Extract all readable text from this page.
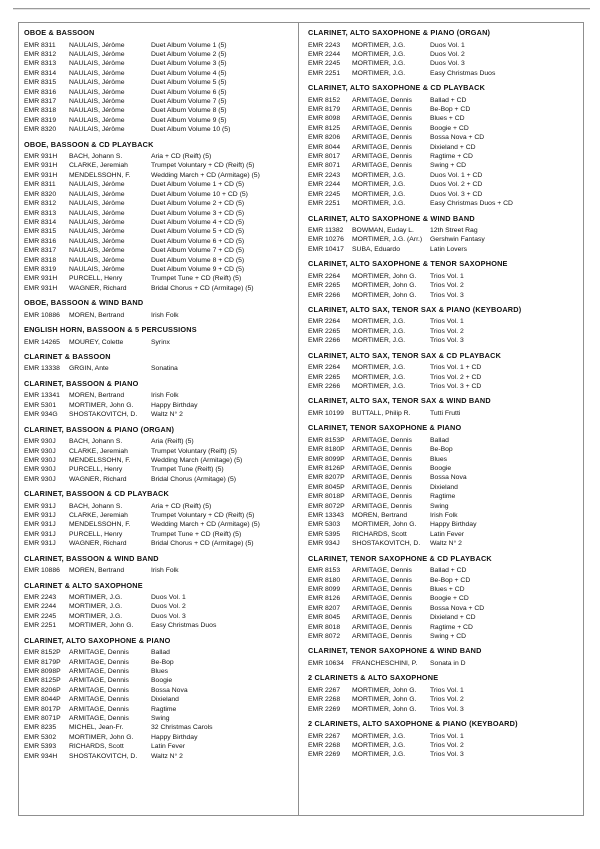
OBOE & BASSOON
EMR 8311	NAULAIS, Jérôme	Duet Album Volume 1 (5)
EMR 8312	NAULAIS, Jérôme	Duet Album Volume 2 (5)
EMR 8313	NAULAIS, Jérôme	Duet Album Volume 3 (5)
EMR 8314	NAULAIS, Jérôme	Duet Album Volume 4 (5)
EMR 8315	NAULAIS, Jérôme	Duet Album Volume 5 (5)
EMR 8316	NAULAIS, Jérôme	Duet Album Volume 6 (5)
EMR 8317	NAULAIS, Jérôme	Duet Album Volume 7 (5)
EMR 8318	NAULAIS, Jérôme	Duet Album Volume 8 (5)
EMR 8319	NAULAIS, Jérôme	Duet Album Volume 9 (5)
EMR 8320	NAULAIS, Jérôme	Duet Album Volume 10 (5)
OBOE, BASSOON & CD PLAYBACK
EMR 931H	BACH, Johann S.	Aria + CD (Reift) (5)
EMR 931H	CLARKE, Jeremiah	Trumpet Voluntary + CD (Reift) (5)
EMR 931H	MENDELSSOHN, F.	Wedding March + CD (Armitage) (5)
EMR 8311	NAULAIS, Jérôme	Duet Album Volume 1 + CD (5)
EMR 8320	NAULAIS, Jérôme	Duet Album Volume 10 + CD (5)
EMR 8312	NAULAIS, Jérôme	Duet Album Volume 2 + CD (5)
EMR 8313	NAULAIS, Jérôme	Duet Album Volume 3 + CD (5)
EMR 8314	NAULAIS, Jérôme	Duet Album Volume 4 + CD (5)
EMR 8315	NAULAIS, Jérôme	Duet Album Volume 5 + CD (5)
EMR 8316	NAULAIS, Jérôme	Duet Album Volume 6 + CD (5)
EMR 8317	NAULAIS, Jérôme	Duet Album Volume 7 + CD (5)
EMR 8318	NAULAIS, Jérôme	Duet Album Volume 8 + CD (5)
EMR 8319	NAULAIS, Jérôme	Duet Album Volume 9 + CD (5)
EMR 931H	PURCELL, Henry	Trumpet Tune + CD (Reift) (5)
EMR 931H	WAGNER, Richard	Bridal Chorus + CD (Armitage) (5)
OBOE, BASSOON & WIND BAND
EMR 10886	MOREN, Bertrand	Irish Folk
ENGLISH HORN, BASSOON & 5 PERCUSSIONS
EMR 14265	MOUREY, Colette	Syrinx
CLARINET & BASSOON
EMR 13338	GRGIN, Ante	Sonatina
CLARINET, BASSOON & PIANO
EMR 13341	MOREN, Bertrand	Irish Folk
EMR 5301	MORTIMER, John G.	Happy Birthday
EMR 934G	SHOSTAKOVITCH, D.	Waltz N° 2
CLARINET, BASSOON & PIANO (ORGAN)
EMR 930J	BACH, Johann S.	Aria (Reift) (5)
EMR 930J	CLARKE, Jeremiah	Trumpet Voluntary (Reift) (5)
EMR 930J	MENDELSSOHN, F.	Wedding March (Armitage) (5)
EMR 930J	PURCELL, Henry	Trumpet Tune (Reift) (5)
EMR 930J	WAGNER, Richard	Bridal Chorus (Armitage) (5)
CLARINET, BASSOON & CD PLAYBACK
EMR 931J	BACH, Johann S.	Aria + CD (Reift) (5)
EMR 931J	CLARKE, Jeremiah	Trumpet Voluntary + CD (Reift) (5)
EMR 931J	MENDELSSOHN, F.	Wedding March + CD (Armitage) (5)
EMR 931J	PURCELL, Henry	Trumpet Tune + CD (Reift) (5)
EMR 931J	WAGNER, Richard	Bridal Chorus + CD (Armitage) (5)
CLARINET, BASSOON & WIND BAND
EMR 10886	MOREN, Bertrand	Irish Folk
CLARINET & ALTO SAXOPHONE
EMR 2243	MORTIMER, J.G.	Duos Vol. 1
EMR 2244	MORTIMER, J.G.	Duos Vol. 2
EMR 2245	MORTIMER, J.G.	Duos Vol. 3
EMR 2251	MORTIMER, John G.	Easy Christmas Duos
CLARINET, ALTO SAXOPHONE & PIANO
EMR 8152P	ARMITAGE, Dennis	Ballad
EMR 8179P	ARMITAGE, Dennis	Be-Bop
EMR 8098P	ARMITAGE, Dennis	Blues
EMR 8125P	ARMITAGE, Dennis	Boogie
EMR 8206P	ARMITAGE, Dennis	Bossa Nova
EMR 8044P	ARMITAGE, Dennis	Dixieland
EMR 8017P	ARMITAGE, Dennis	Ragtime
EMR 8071P	ARMITAGE, Dennis	Swing
EMR 8235	MICHEL, Jean-Fr.	32 Christmas Carols
EMR 5302	MORTIMER, John G.	Happy Birthday
EMR 5393	RICHARDS, Scott	Latin Fever
EMR 934H	SHOSTAKOVITCH, D.	Waltz N° 2
CLARINET, ALTO SAXOPHONE & PIANO (ORGAN)
EMR 2243	MORTIMER, J.G.	Duos Vol. 1
EMR 2244	MORTIMER, J.G.	Duos Vol. 2
EMR 2245	MORTIMER, J.G.	Duos Vol. 3
EMR 2251	MORTIMER, J.G.	Easy Christmas Duos
CLARINET, ALTO SAXOPHONE & CD PLAYBACK
EMR 8152	ARMITAGE, Dennis	Ballad + CD
EMR 8179	ARMITAGE, Dennis	Be-Bop + CD
EMR 8098	ARMITAGE, Dennis	Blues + CD
EMR 8125	ARMITAGE, Dennis	Boogie + CD
EMR 8206	ARMITAGE, Dennis	Bossa Nova + CD
EMR 8044	ARMITAGE, Dennis	Dixieland + CD
EMR 8017	ARMITAGE, Dennis	Ragtime + CD
EMR 8071	ARMITAGE, Dennis	Swing + CD
EMR 2243	MORTIMER, J.G.	Duos Vol. 1 + CD
EMR 2244	MORTIMER, J.G.	Duos Vol. 2 + CD
EMR 2245	MORTIMER, J.G.	Duos Vol. 3 + CD
EMR 2251	MORTIMER, J.G.	Easy Christmas Duos + CD
CLARINET, ALTO SAXOPHONE & WIND BAND
EMR 11382	BOWMAN, Euday L.	12th Street Rag
EMR 10276	MORTIMER, J.G. (Arr.)	Gershwin Fantasy
EMR 10417	SUBA, Eduardo	Latin Lovers
CLARINET, ALTO SAXOPHONE & TENOR SAXOPHONE
EMR 2264	MORTIMER, John G.	Trios Vol. 1
EMR 2265	MORTIMER, John G.	Trios Vol. 2
EMR 2266	MORTIMER, John G.	Trios Vol. 3
CLARINET, ALTO SAX, TENOR SAX & PIANO (KEYBOARD)
EMR 2264	MORTIMER, J.G.	Trios Vol. 1
EMR 2265	MORTIMER, J.G.	Trios Vol. 2
EMR 2266	MORTIMER, J.G.	Trios Vol. 3
CLARINET, ALTO SAX, TENOR SAX & CD PLAYBACK
EMR 2264	MORTIMER, J.G.	Trios Vol. 1 + CD
EMR 2265	MORTIMER, J.G.	Trios Vol. 2 + CD
EMR 2266	MORTIMER, J.G.	Trios Vol. 3 + CD
CLARINET, ALTO SAX, TENOR SAX & WIND BAND
EMR 10199	BUTTALL, Philip R.	Tutti Frutti
CLARINET, TENOR SAXOPHONE & PIANO
EMR 8153P	ARMITAGE, Dennis	Ballad
EMR 8180P	ARMITAGE, Dennis	Be-Bop
EMR 8099P	ARMITAGE, Dennis	Blues
EMR 8126P	ARMITAGE, Dennis	Boogie
EMR 8207P	ARMITAGE, Dennis	Bossa Nova
EMR 8045P	ARMITAGE, Dennis	Dixieland
EMR 8018P	ARMITAGE, Dennis	Ragtime
EMR 8072P	ARMITAGE, Dennis	Swing
EMR 13343	MOREN, Bertrand	Irish Folk
EMR 5303	MORTIMER, John G.	Happy Birthday
EMR 5395	RICHARDS, Scott	Latin Fever
EMR 934J	SHOSTAKOVITCH, D.	Waltz N° 2
CLARINET, TENOR SAXOPHONE & CD PLAYBACK
EMR 8153	ARMITAGE, Dennis	Ballad + CD
EMR 8180	ARMITAGE, Dennis	Be-Bop + CD
EMR 8099	ARMITAGE, Dennis	Blues + CD
EMR 8126	ARMITAGE, Dennis	Boogie + CD
EMR 8207	ARMITAGE, Dennis	Bossa Nova + CD
EMR 8045	ARMITAGE, Dennis	Dixieland + CD
EMR 8018	ARMITAGE, Dennis	Ragtime + CD
EMR 8072	ARMITAGE, Dennis	Swing + CD
CLARINET, TENOR SAXOPHONE & WIND BAND
EMR 10634	FRANCHESCHINI, P.	Sonata in D
2 CLARINETS & ALTO SAXOPHONE
EMR 2267	MORTIMER, John G.	Trios Vol. 1
EMR 2268	MORTIMER, John G.	Trios Vol. 2
EMR 2269	MORTIMER, John G.	Trios Vol. 3
2 CLARINETS, ALTO SAXOPHONE & PIANO (KEYBOARD)
EMR 2267	MORTIMER, J.G.	Trios Vol. 1
EMR 2268	MORTIMER, J.G.	Trios Vol. 2
EMR 2269	MORTIMER, J.G.	Trios Vol. 3
